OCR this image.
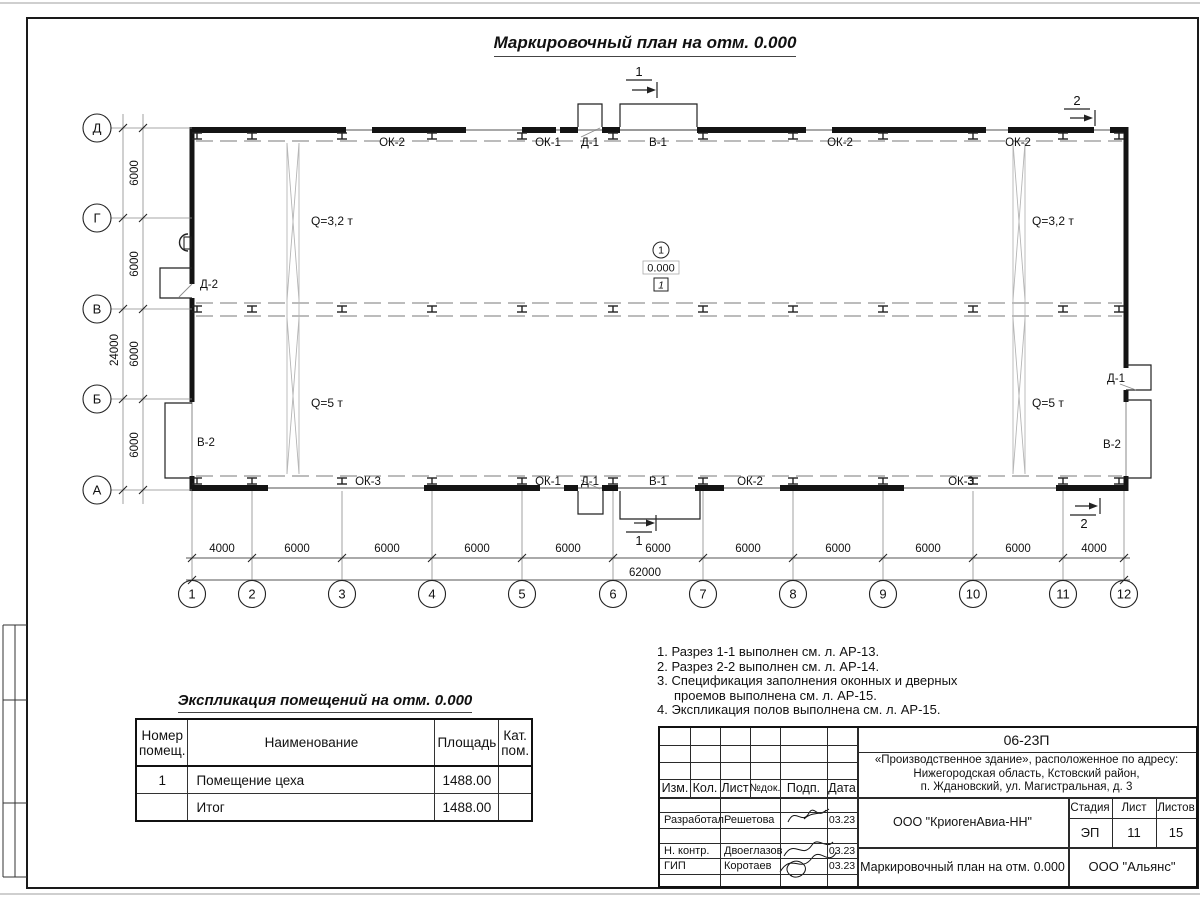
Д
Г
В
Б
А
6000
6000
6000
6000
24000
4000	6000	6000	6000	6000	6000	6000	6000	6000	6000	4000
62000
1	2	3	4	5	6	7	8	9	10	11	12
ОК-2	ОК-1 Д-1	В-1	ОК-2	ОК-2
ОК-3	ОК-1 Д-1	В-1	ОК-2	ОК-3
Д-2
В-2
Д-1
В-2
Q=3,2 т
Q=5 т
Q=3,2 т
Q=5 т
1
1
2
2
1
0.000
1
Маркировочный план на отм. 0.000
Экспликация помещений на отм. 0.000
Номер помещ.	Наименование	Площадь	Кат. пом.
1	Помещение цеха	1488.00	
	Итог	1488.00	
1. Разрез 1-1 выполнен см. л. АР-13.
2. Разрез 2-2 выполнен см. л. АР-14.
3. Спецификация заполнения оконных и дверных
проемов выполнена см. л. АР-15.
4. Экспликация полов выполнена см. л. АР-15.
Изм. Кол. Лист №док. Подп. Дата
Разработал Решетова	03.23
Н. контр.	Двоеглазов	03.23
ГИП	Коротаев	03.23
06-23П
«Производственное здание», расположенное по адресу:
Нижегородская область, Кстовский район,
п. Ждановский, ул. Магистральная, д. 3
ООО "КриогенАвиа-НН"
Стадия	Лист Листов
ЭП	11	15
Маркировочный план на отм. 0.000	ООО "Альянс"
